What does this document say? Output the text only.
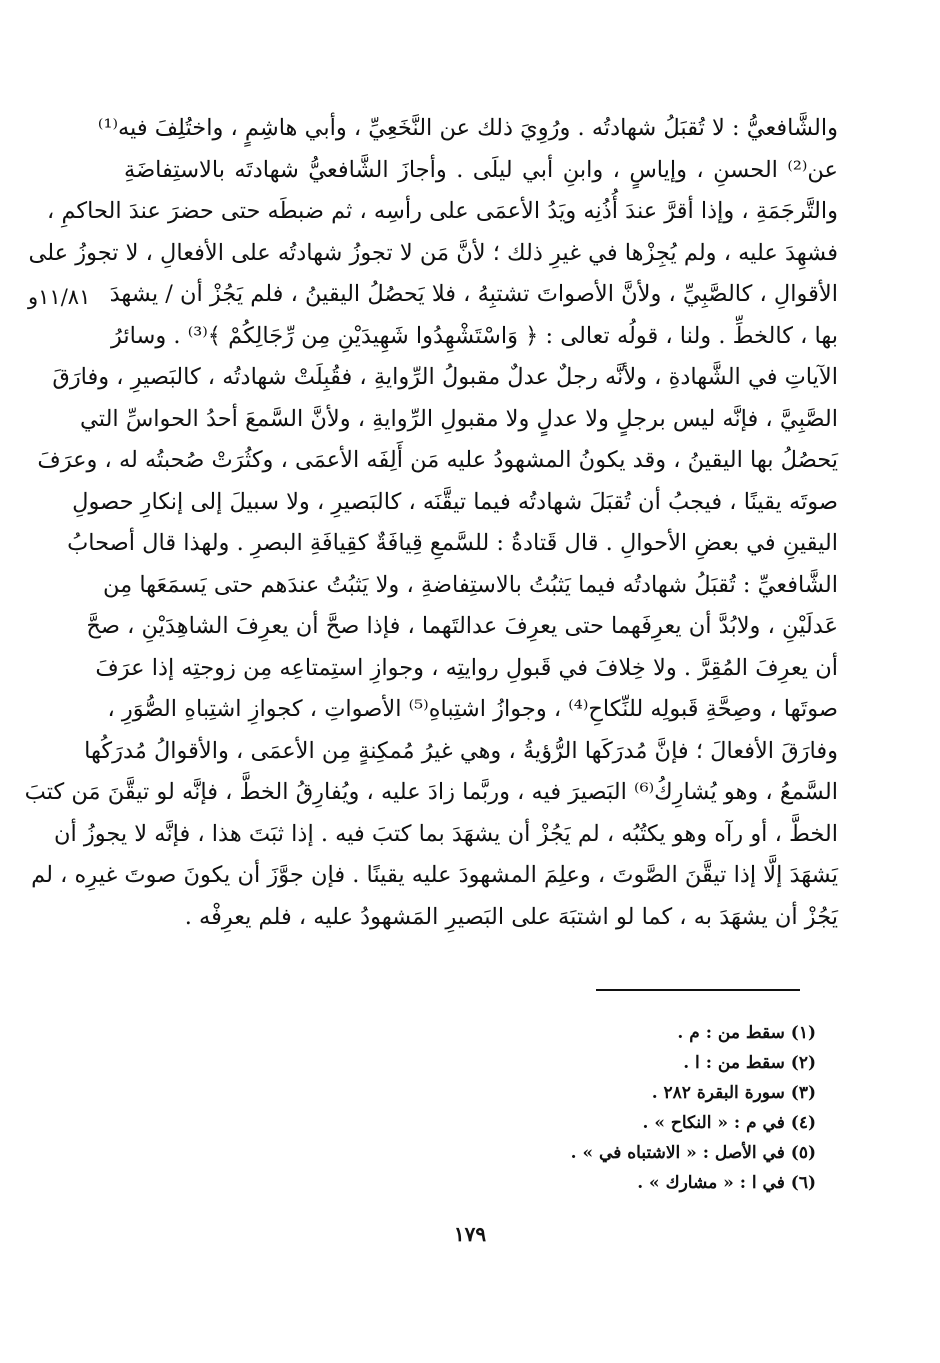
١١/٨١و
والشَّافعيُّ : لا تُقبَلُ شهادتُه . ورُوِيَ ذلك عن النَّخَعِيِّ ، وأبي هاشِمٍ ، واختُلِفَ فيه⁽¹⁾
عن⁽²⁾ الحسنِ ، وإياسٍ ، وابنِ أبي ليلَى . وأجازَ الشَّافعيُّ شهادتَه بالاستِفاضَةِ
والتَّرجَمَةِ ، وإذا أقرَّ عندَ أُذُنِه ويَدُ الأعمَى على رأسِه ، ثم ضبطَه حتى حضرَ عندَ الحاكمِ ،
فشهِدَ عليه ، ولم يُجِزْها في غيرِ ذلك ؛ لأنَّ مَن لا تجوزُ شهادتُه على الأفعالِ ، لا تجوزُ على
الأقوالِ ، كالصَّبِيِّ ، ولأنَّ الأصواتَ تشتبِهُ ، فلا يَحصُلُ اليقينُ ، فلم يَجُزْ أن / يشهدَ
بها ، كالخطِّ . ولنا ، قولُه تعالى : ﴿ وَاسْتَشْهِدُوا شَهِيدَيْنِ مِن رِّجَالِكُمْ ﴾⁽³⁾ . وسائرُ
الآياتِ في الشَّهادةِ ، ولأنَّه رجلٌ عدلٌ مقبولُ الرِّوايةِ ، فقُبِلَتْ شهادتُه ، كالبَصيرِ ، وفارَقَ
الصَّبِيَّ ، فإنَّه ليس برجلٍ ولا عدلٍ ولا مقبولِ الرِّوايةِ ، ولأنَّ السَّمعَ أحدُ الحواسِّ التي
يَحصُلُ بها اليقينُ ، وقد يكونُ المشهودُ عليه مَن أَلِفَه الأعمَى ، وكثُرَتْ صُحبتُه له ، وعرَفَ
صوتَه يقينًا ، فيجبُ أن تُقبَلَ شهادتُه فيما تيقَّنَه ، كالبَصيرِ ، ولا سبيلَ إلى إنكارِ حصولِ
اليقينِ في بعضِ الأحوالِ . قال قَتادةُ : للسَّمعِ قِيافَةٌ كقِيافَةِ البصرِ . ولهذا قال أصحابُ
الشَّافعيِّ : تُقبَلُ شهادتُه فيما يَثبُتُ بالاستِفاضةِ ، ولا يَثبُتُ عندَهم حتى يَسمَعَها مِن
عَدلَيْنِ ، ولابُدَّ أن يعرِفَهما حتى يعرِفَ عدالتَهما ، فإذا صحَّ أن يعرِفَ الشاهِدَيْنِ ، صحَّ
أن يعرِفَ المُقِرَّ . ولا خِلافَ في قَبولِ روايتِه ، وجوازِ استِمتاعِه مِن زوجتِه إذا عرَفَ
صوتَها ، وصِحَّةِ قَبولِه للنِّكاحِ⁽⁴⁾ ، وجوازُ اشتِباهِ⁽⁵⁾ الأصواتِ ، كجوازِ اشتِباهِ الصُّوَرِ ،
وفارَقَ الأفعالَ ؛ فإنَّ مُدرَكَها الرُّؤيةُ ، وهي غيرُ مُمكِنةٍ مِن الأعمَى ، والأقوالُ مُدرَكُها
السَّمعُ ، وهو يُشارِكُ⁽⁶⁾ البَصيرَ فيه ، وربَّما زادَ عليه ، ويُفارِقُ الخطَّ ، فإنَّه لو تيقَّنَ مَن كتبَ
الخطَّ ، أو رآه وهو يكتُبُه ، لم يَجُزْ أن يشهَدَ بما كتبَ فيه . إذا ثبَتَ هذا ، فإنَّه لا يجوزُ أن
يَشهَدَ إلَّا إذا تيقَّنَ الصَّوتَ ، وعلِمَ المشهودَ عليه يقينًا . فإن جوَّزَ أن يكونَ صوتَ غيرِه ، لم
يَجُزْ أن يشهَدَ به ، كما لو اشتبَهَ على البَصيرِ المَشهودُ عليه ، فلم يعرِفْه .
(١) سقط من : م .
(٢) سقط من : ا .
(٣) سورة البقرة ٢٨٢ .
(٤) في م : « النكاح » .
(٥) في الأصل : « الاشتباه في » .
(٦) في ا : « مشارك » .
١٧٩
